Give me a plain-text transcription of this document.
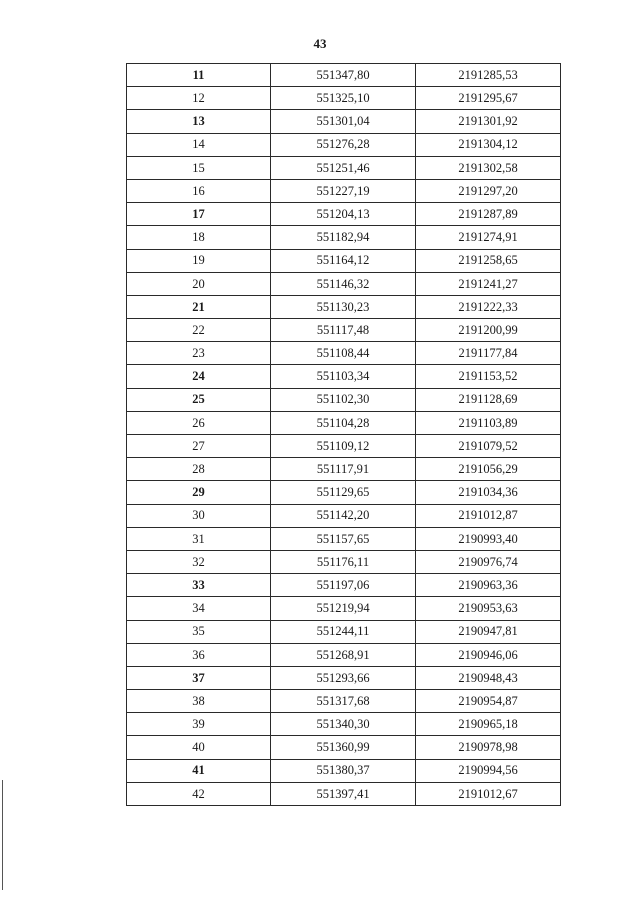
43
11	551347,80	2191285,53
12	551325,10	2191295,67
13	551301,04	2191301,92
14	551276,28	2191304,12
15	551251,46	2191302,58
16	551227,19	2191297,20
17	551204,13	2191287,89
18	551182,94	2191274,91
19	551164,12	2191258,65
20	551146,32	2191241,27
21	551130,23	2191222,33
22	551117,48	2191200,99
23	551108,44	2191177,84
24	551103,34	2191153,52
25	551102,30	2191128,69
26	551104,28	2191103,89
27	551109,12	2191079,52
28	551117,91	2191056,29
29	551129,65	2191034,36
30	551142,20	2191012,87
31	551157,65	2190993,40
32	551176,11	2190976,74
33	551197,06	2190963,36
34	551219,94	2190953,63
35	551244,11	2190947,81
36	551268,91	2190946,06
37	551293,66	2190948,43
38	551317,68	2190954,87
39	551340,30	2190965,18
40	551360,99	2190978,98
41	551380,37	2190994,56
42	551397,41	2191012,67
